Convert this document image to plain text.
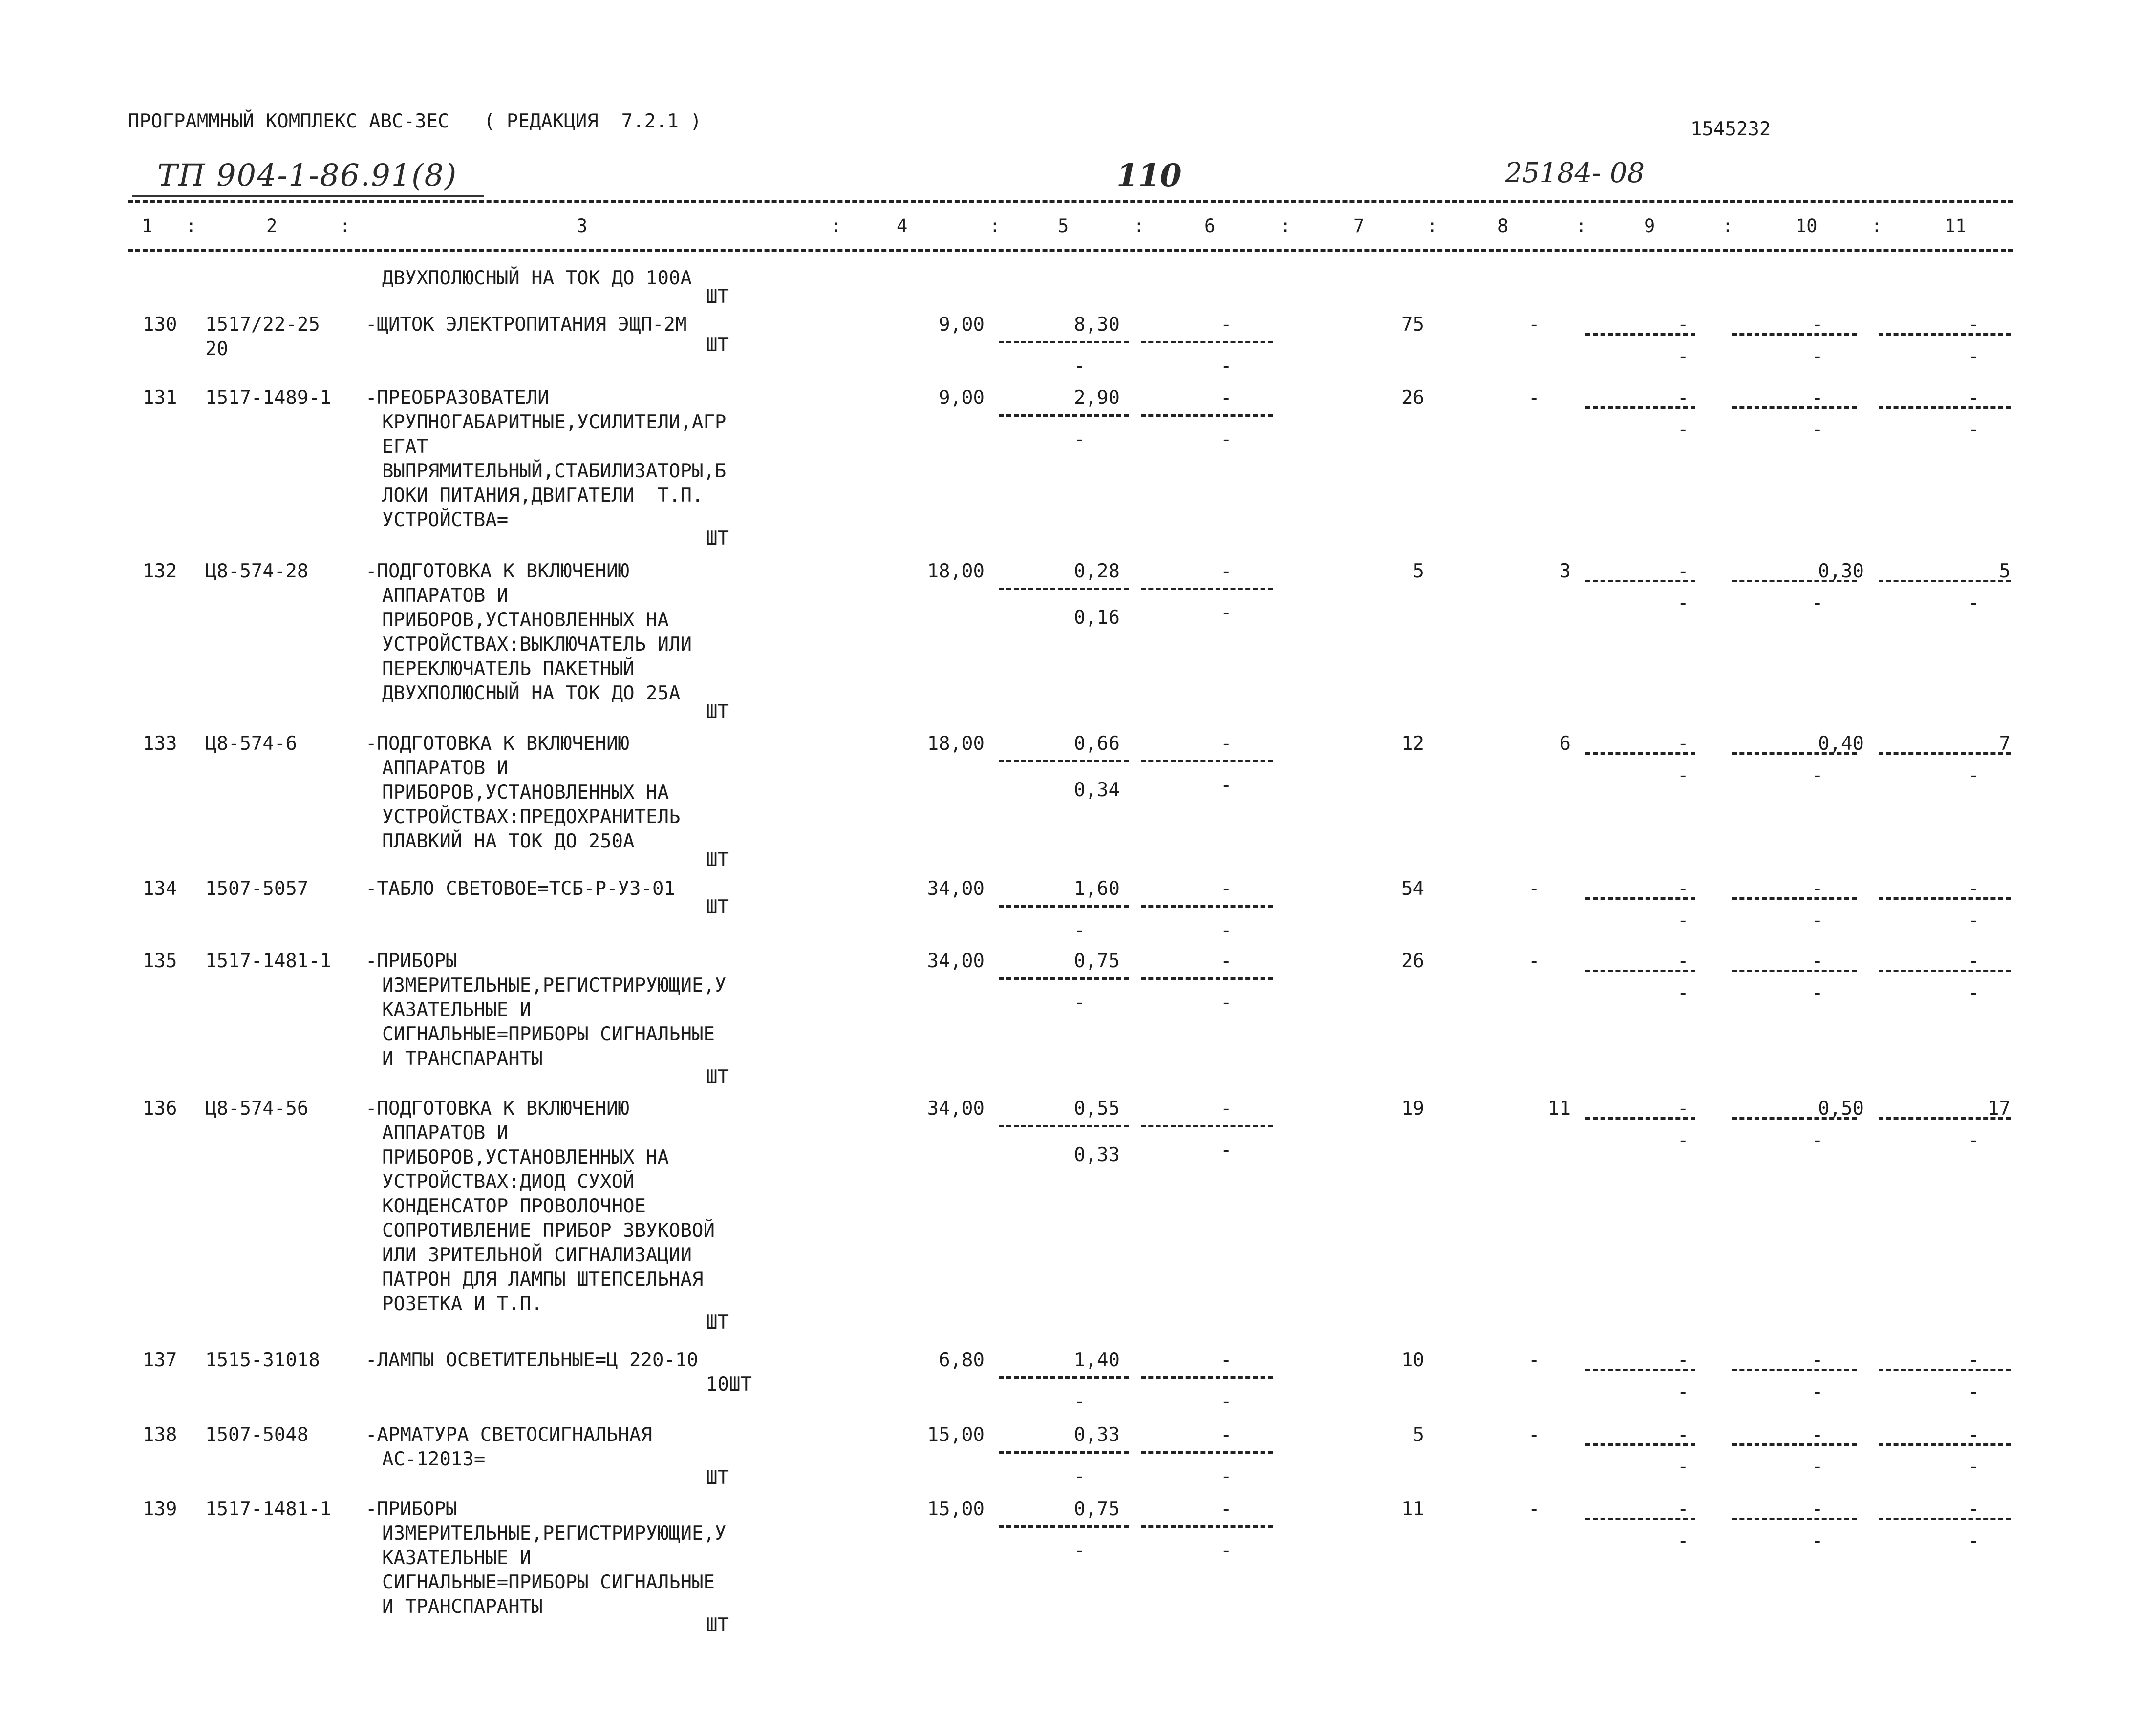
ПРОГРАММНЫЙ КОМПЛЕКС АВС-3ЕС   ( РЕДАКЦИЯ  7.2.1 )	1545232
ТП 904-1-86.91(8)	110	25184- 08
1	2	3	4	5	6	7	8	9	10	11
:	:	:	:	:	:	:	:	:	:
ДВУХПОЛЮСНЫЙ НА ТОК ДО 100А
ШТ
130 1517/22-25
20
-ЩИТОК ЭЛЕКТРОПИТАНИЯ ЭЩП-2М
ШТ
9,00	8,30	-	75	-	-	-	-
-	-	-	-	-
131 1517-1489-1 -ПРЕОБРАЗОВАТЕЛИ
КРУПНОГАБАРИТНЫЕ,УСИЛИТЕЛИ,АГР
ЕГАТ
ВЫПРЯМИТЕЛЬНЫЙ,СТАБИЛИЗАТОРЫ,Б
ЛОКИ ПИТАНИЯ,ДВИГАТЕЛИ  Т.П.
УСТРОЙСТВА=
ШТ
9,00	2,90	-	26	-	-	-	-
-	-	-	-	-
132 Ц8-574-28	-ПОДГОТОВКА К ВКЛЮЧЕНИЮ
АППАРАТОВ И
ПРИБОРОВ,УСТАНОВЛЕННЫХ НА
УСТРОЙСТВАХ:ВЫКЛЮЧАТЕЛЬ ИЛИ
ПЕРЕКЛЮЧАТЕЛЬ ПАКЕТНЫЙ
ДВУХПОЛЮСНЫЙ НА ТОК ДО 25А
ШТ
18,00	0,28	-	5	3	-	0,30	5
0,16	-	-	-	-
133 Ц8-574-6	-ПОДГОТОВКА К ВКЛЮЧЕНИЮ
АППАРАТОВ И
ПРИБОРОВ,УСТАНОВЛЕННЫХ НА
УСТРОЙСТВАХ:ПРЕДОХРАНИТЕЛЬ
ПЛАВКИЙ НА ТОК ДО 250А
ШТ
18,00	0,66	-	12	6	-	0,40	7
0,34	-	-	-	-
134 1507-5057	-ТАБЛО СВЕТОВОЕ=ТСБ-Р-У3-01
ШТ
34,00	1,60	-	54	-	-	-	-
-	-	-	-	-
135 1517-1481-1 -ПРИБОРЫ
ИЗМЕРИТЕЛЬНЫЕ,РЕГИСТРИРУЮЩИЕ,У
КАЗАТЕЛЬНЫЕ И
СИГНАЛЬНЫЕ=ПРИБОРЫ СИГНАЛЬНЫЕ
И ТРАНСПАРАНТЫ
ШТ
34,00	0,75	-	26	-	-	-	-
-	-	-	-	-
136 Ц8-574-56	-ПОДГОТОВКА К ВКЛЮЧЕНИЮ
АППАРАТОВ И
ПРИБОРОВ,УСТАНОВЛЕННЫХ НА
УСТРОЙСТВАХ:ДИОД СУХОЙ
КОНДЕНСАТОР ПРОВОЛОЧНОЕ
СОПРОТИВЛЕНИЕ ПРИБОР ЗВУКОВОЙ
ИЛИ ЗРИТЕЛЬНОЙ СИГНАЛИЗАЦИИ
ПАТРОН ДЛЯ ЛАМПЫ ШТЕПСЕЛЬНАЯ
РОЗЕТКА И Т.П.
ШТ
34,00	0,55	-	19	11	-	0,50	17
0,33	-	-	-	-
137 1515-31018 -ЛАМПЫ ОСВЕТИТЕЛЬНЫЕ=Ц 220-10
10ШТ
6,80	1,40	-	10	-	-	-	-
-	-	-	-	-
138 1507-5048	-АРМАТУРА СВЕТОСИГНАЛЬНАЯ
АС-12013=
ШТ
15,00	0,33	-	5	-	-	-	-
-	-	-	-	-
139 1517-1481-1 -ПРИБОРЫ
ИЗМЕРИТЕЛЬНЫЕ,РЕГИСТРИРУЮЩИЕ,У
КАЗАТЕЛЬНЫЕ И
СИГНАЛЬНЫЕ=ПРИБОРЫ СИГНАЛЬНЫЕ
И ТРАНСПАРАНТЫ
ШТ
15,00	0,75	-	11	-	-	-	-
-	-	-	-	-
